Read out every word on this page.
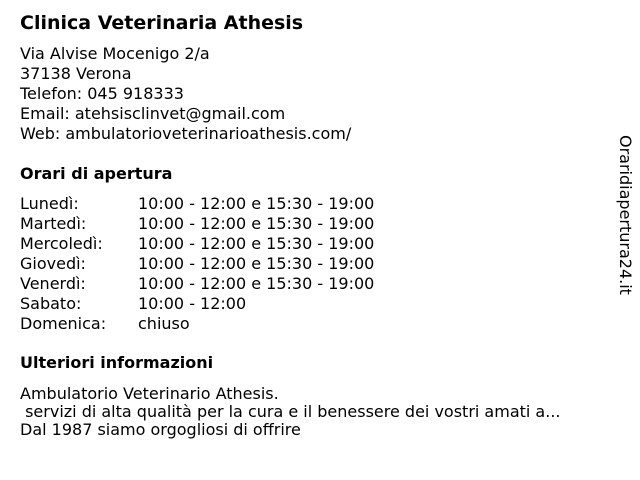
Clinica Veterinaria Athesis
Via Alvise Mocenigo 2/a
37138 Verona
Telefon: 045 918333
Email: atehsisclinvet@gmail.com
Web: ambulatorioveterinarioathesis.com/
Orari di apertura
Lunedì:	10:00 - 12:00 e 15:30 - 19:00
Martedì:	10:00 - 12:00 e 15:30 - 19:00
Mercoledì:	10:00 - 12:00 e 15:30 - 19:00
Giovedì:	10:00 - 12:00 e 15:30 - 19:00
Venerdì:	10:00 - 12:00 e 15:30 - 19:00
Sabato:	10:00 - 12:00
Domenica:	chiuso
Ulteriori informazioni
Ambulatorio Veterinario Athesis.
servizi di alta qualità per la cura e il benessere dei vostri amati a...
Dal 1987 siamo orgogliosi di offrire
Oraridiapertura24.it
